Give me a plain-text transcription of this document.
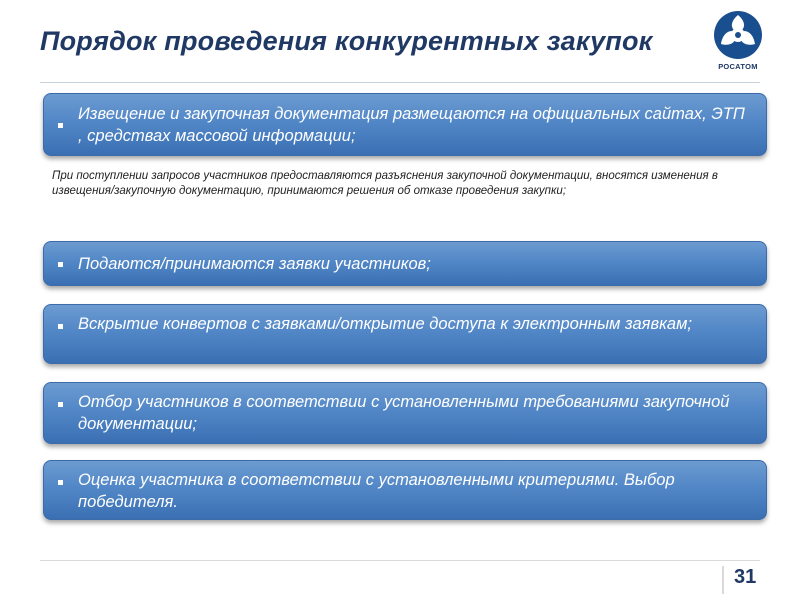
Порядок проведения конкурентных закупок
РОСАТОМ
Извещение и закупочная документация размещаются на официальных сайтах, ЭТП , средствах массовой информации;
При поступлении запросов участников предоставляются разъяснения закупочной документации, вносятся изменения в извещения/закупочную документацию, принимаются решения об отказе проведения закупки;
Подаются/принимаются заявки участников;
Вскрытие конвертов с заявками/открытие доступа к электронным заявкам;
Отбор участников в соответствии с установленными требованиями закупочной документации;
Оценка участника в соответствии с установленными критериями. Выбор победителя.
31
